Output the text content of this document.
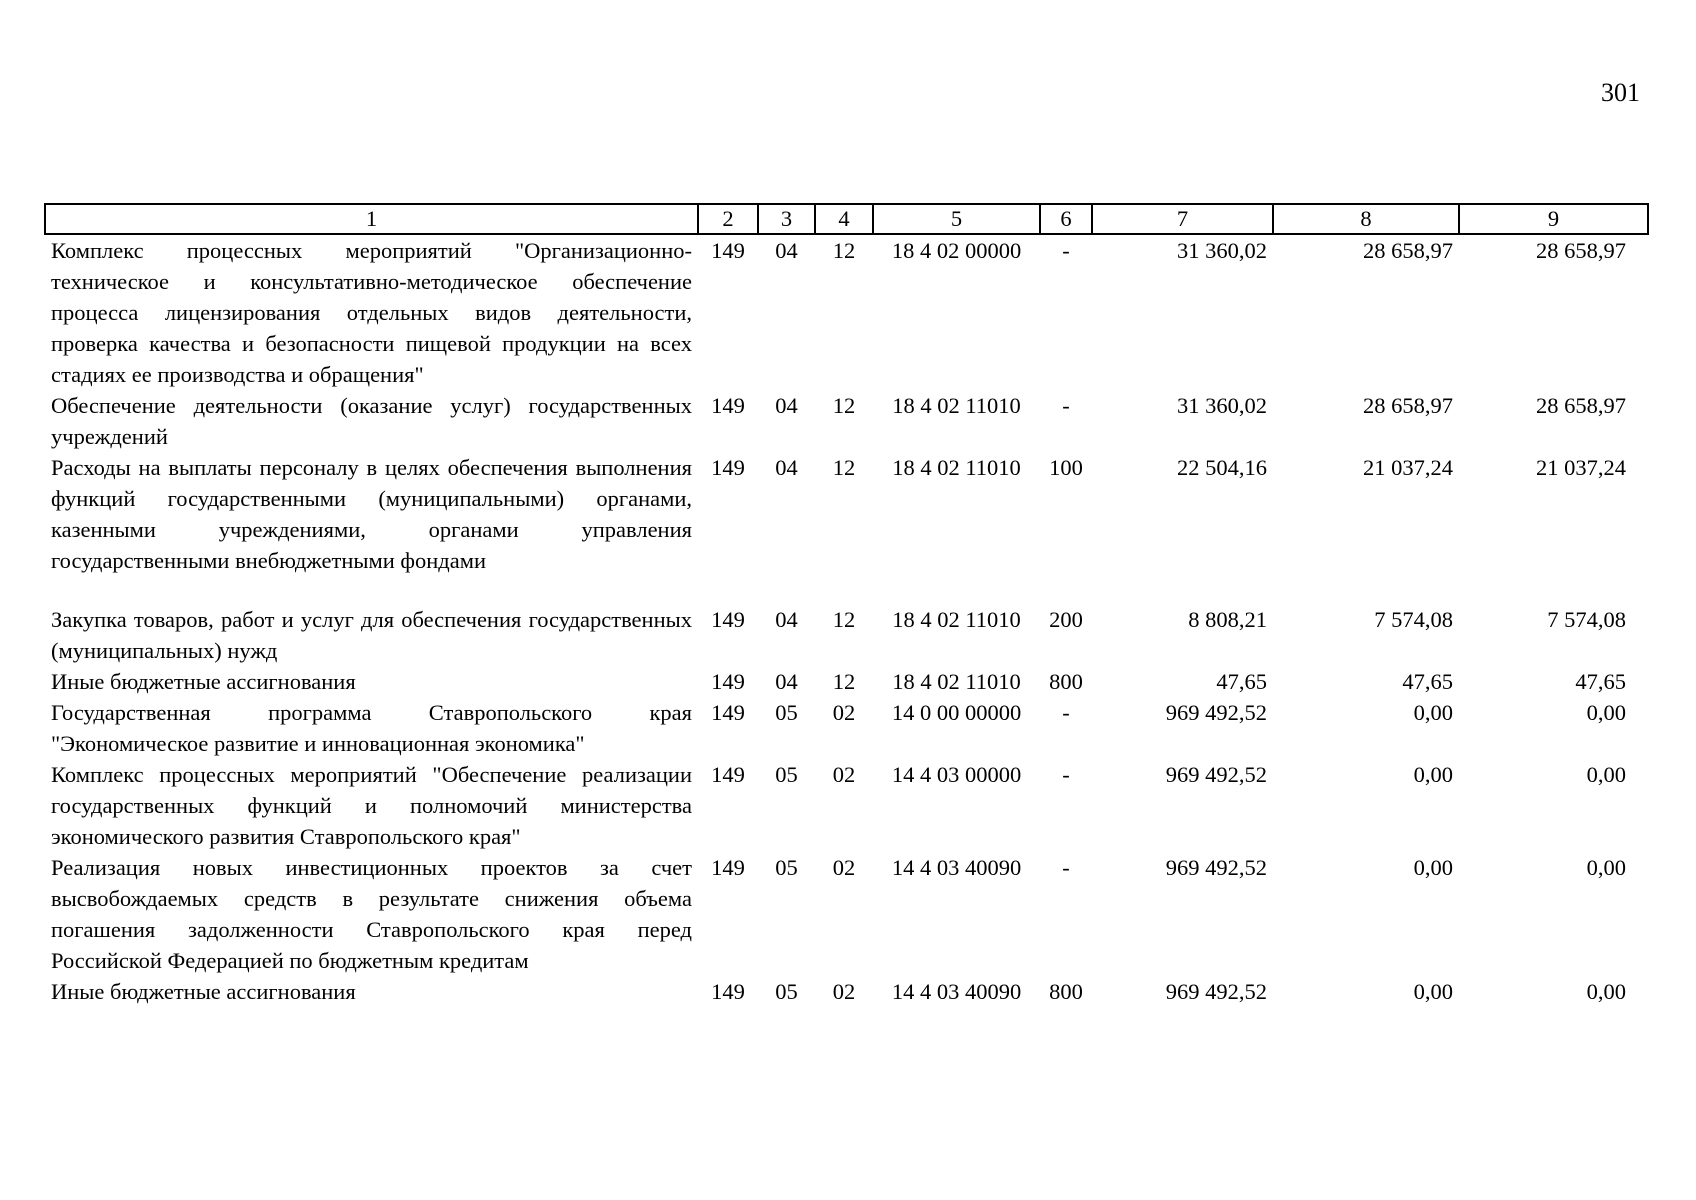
301
1	2	3	4	5	6	7	8	9
Комплекс процессных мероприятий "Организационно-техническое и консультативно-методическое обеспечение процесса лицензирования отдельных видов деятельности, проверка качества и безопасности пищевой продукции на всех стадиях ее производства и обращения"	149	04	12	18 4 02 00000	-	31 360,02	28 658,97	28 658,97
Обеспечение деятельности (оказание услуг) государственных учреждений	149	04	12	18 4 02 11010	-	31 360,02	28 658,97	28 658,97
Расходы на выплаты персоналу в целях обеспечения выполнения функций государственными (муниципальными) органами, казенными учреждениями, органами управления государственными внебюджетными фондами	149	04	12	18 4 02 11010	100	22 504,16	21 037,24	21 037,24
Закупка товаров, работ и услуг для обеспечения государственных (муниципальных) нужд	149	04	12	18 4 02 11010	200	8 808,21	7 574,08	7 574,08
Иные бюджетные ассигнования	149	04	12	18 4 02 11010	800	47,65	47,65	47,65
Государственная программа Ставропольского края "Экономическое развитие и инновационная экономика"	149	05	02	14 0 00 00000	-	969 492,52	0,00	0,00
Комплекс процессных мероприятий "Обеспечение реализации государственных функций и полномочий министерства экономического развития Ставропольского края"	149	05	02	14 4 03 00000	-	969 492,52	0,00	0,00
Реализация новых инвестиционных проектов за счет высвобождаемых средств в результате снижения объема погашения задолженности Ставропольского края перед Российской Федерацией по бюджетным кредитам	149	05	02	14 4 03 40090	-	969 492,52	0,00	0,00
Иные бюджетные ассигнования	149	05	02	14 4 03 40090	800	969 492,52	0,00	0,00
